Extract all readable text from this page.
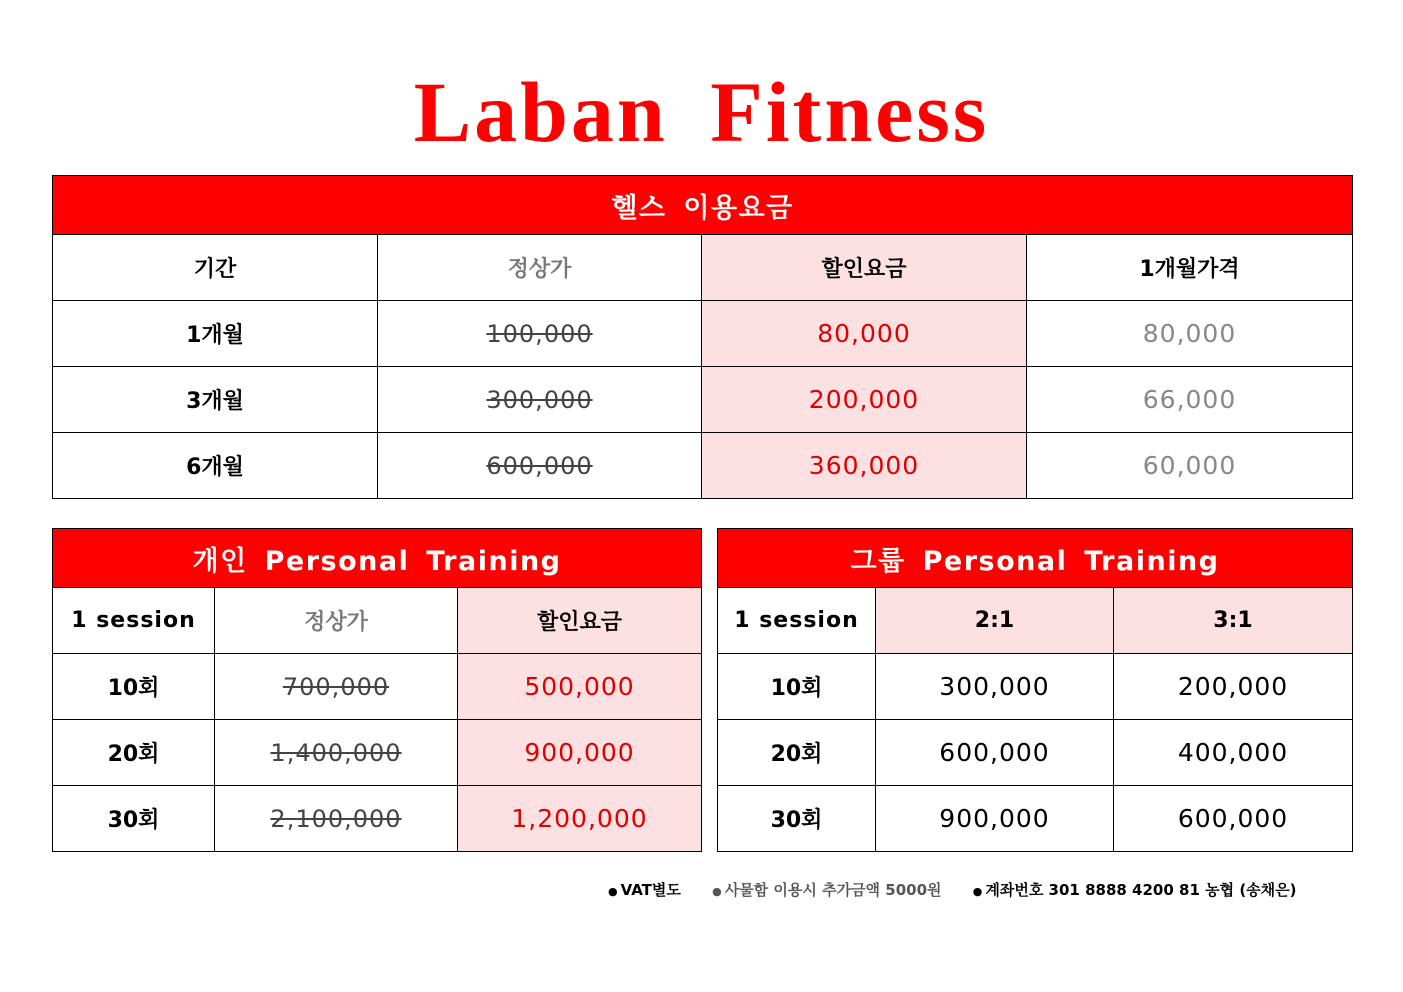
Laban Fitness
헬스 이용요금			
기간	정상가	할인요금	1개월가격
1개월	100,000	80,000	80,000
3개월	300,000	200,000	66,000
6개월	600,000	360,000	60,000
개인 Personal Training		
1 session	정상가	할인요금
10회	700,000	500,000
20회	1,400,000	900,000
30회	2,100,000	1,200,000
그룹 Personal Training		
1 session	2:1	3:1
10회	300,000	200,000
20회	600,000	400,000
30회	900,000	600,000
● VAT별도	● 사물함 이용시 추가금액 5000원	● 계좌번호 301 8888 4200 81 농협 (송채은)
